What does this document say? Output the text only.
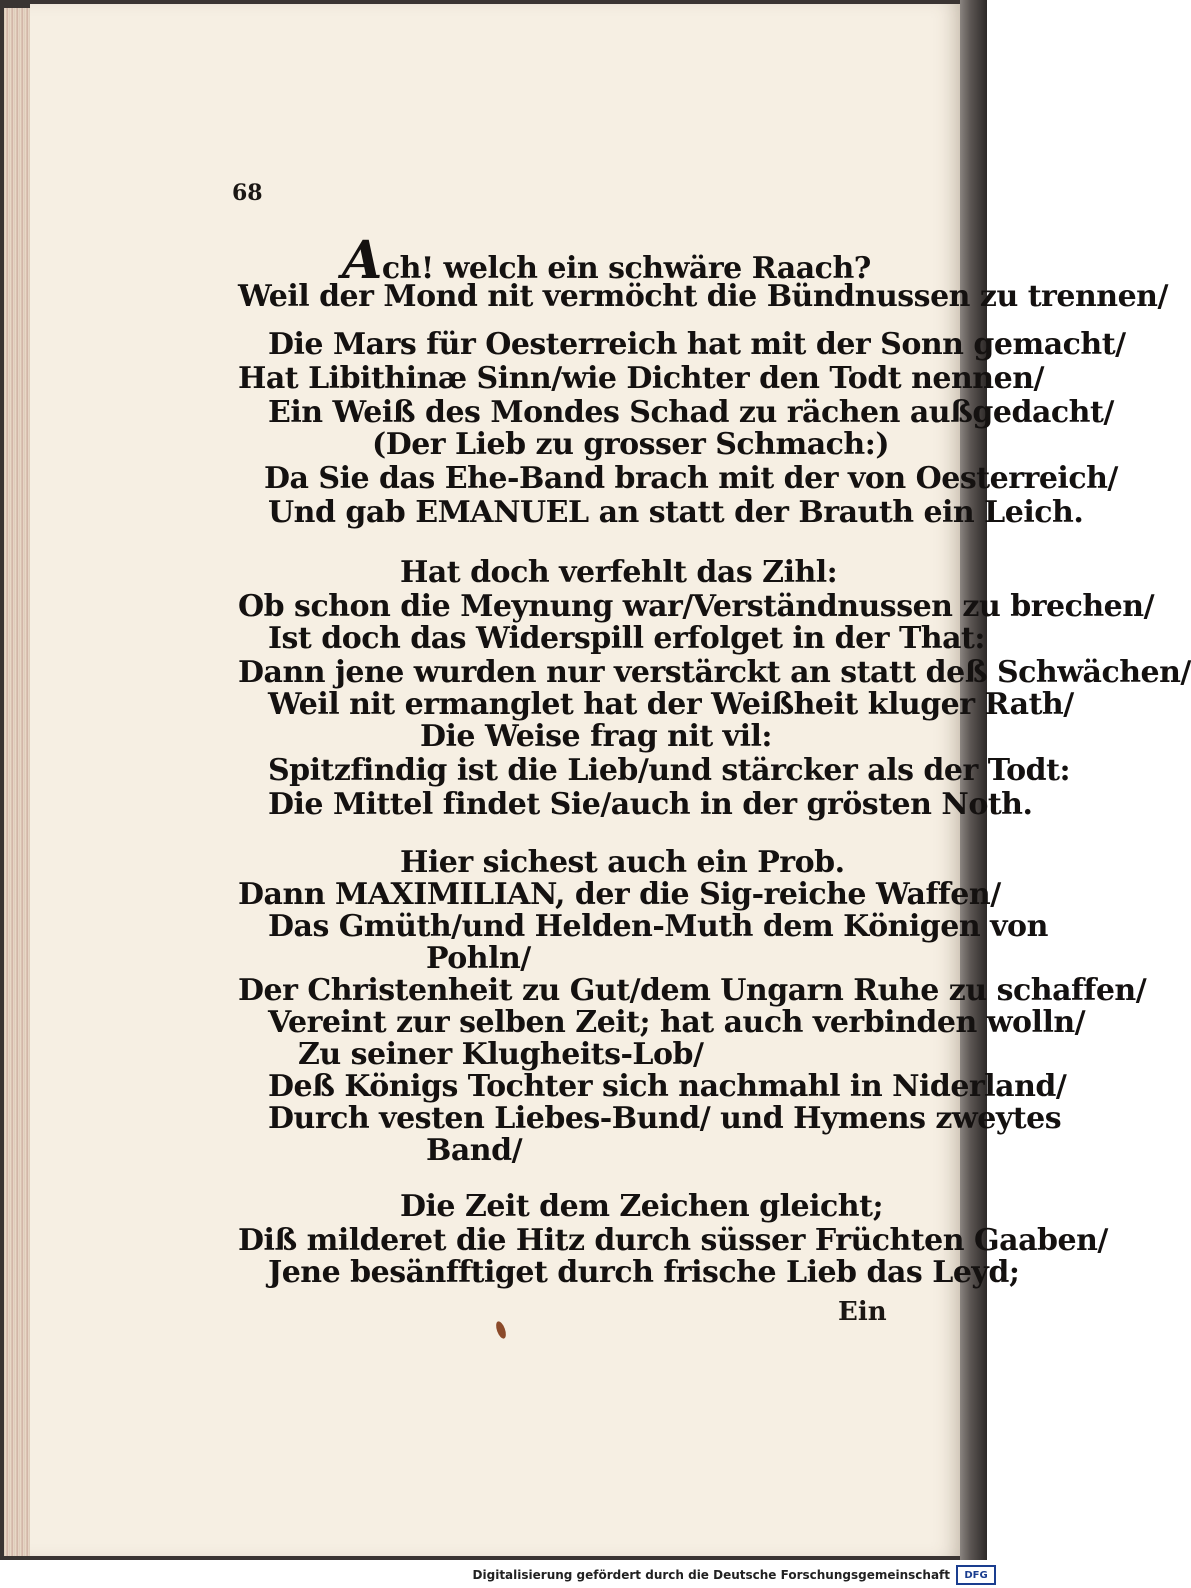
68
Ach! welch ein schwäre Raach?
Weil der Mond nit vermöcht die Bündnussen zu trennen/
Die Mars für Oesterreich hat mit der Sonn gemacht/
Hat Libithinæ Sinn/wie Dichter den Todt nennen/
Ein Weiß des Mondes Schad zu rächen außgedacht/
(Der Lieb zu grosser Schmach:)
Da Sie das Ehe-Band brach mit der von Oesterreich/
Und gab EMANUEL an statt der Brauth ein Leich.
Hat doch verfehlt das Zihl:
Ob schon die Meynung war/Verständnussen zu brechen/
Ist doch das Widerspill erfolget in der That:
Dann jene wurden nur verstärckt an statt deß Schwächen/
Weil nit ermanglet hat der Weißheit kluger Rath/
Die Weise frag nit vil:
Spitzfindig ist die Lieb/und stärcker als der Todt:
Die Mittel findet Sie/auch in der grösten Noth.
Hier sichest auch ein Prob.
Dann MAXIMILIAN, der die Sig-reiche Waffen/
Das Gmüth/und Helden-Muth dem Königen von
Pohln/
Der Christenheit zu Gut/dem Ungarn Ruhe zu schaffen/
Vereint zur selben Zeit; hat auch verbinden wolln/
Zu seiner Klugheits-Lob/
Deß Königs Tochter sich nachmahl in Niderland/
Durch vesten Liebes-Bund/ und Hymens zweytes
Band/
Die Zeit dem Zeichen gleicht;
Diß milderet die Hitz durch süsser Früchten Gaaben/
Jene besänfftiget durch frische Lieb das Leyd;
Ein
Digitalisierung gefördert durch die Deutsche Forschungsgemeinschaft	DFG
